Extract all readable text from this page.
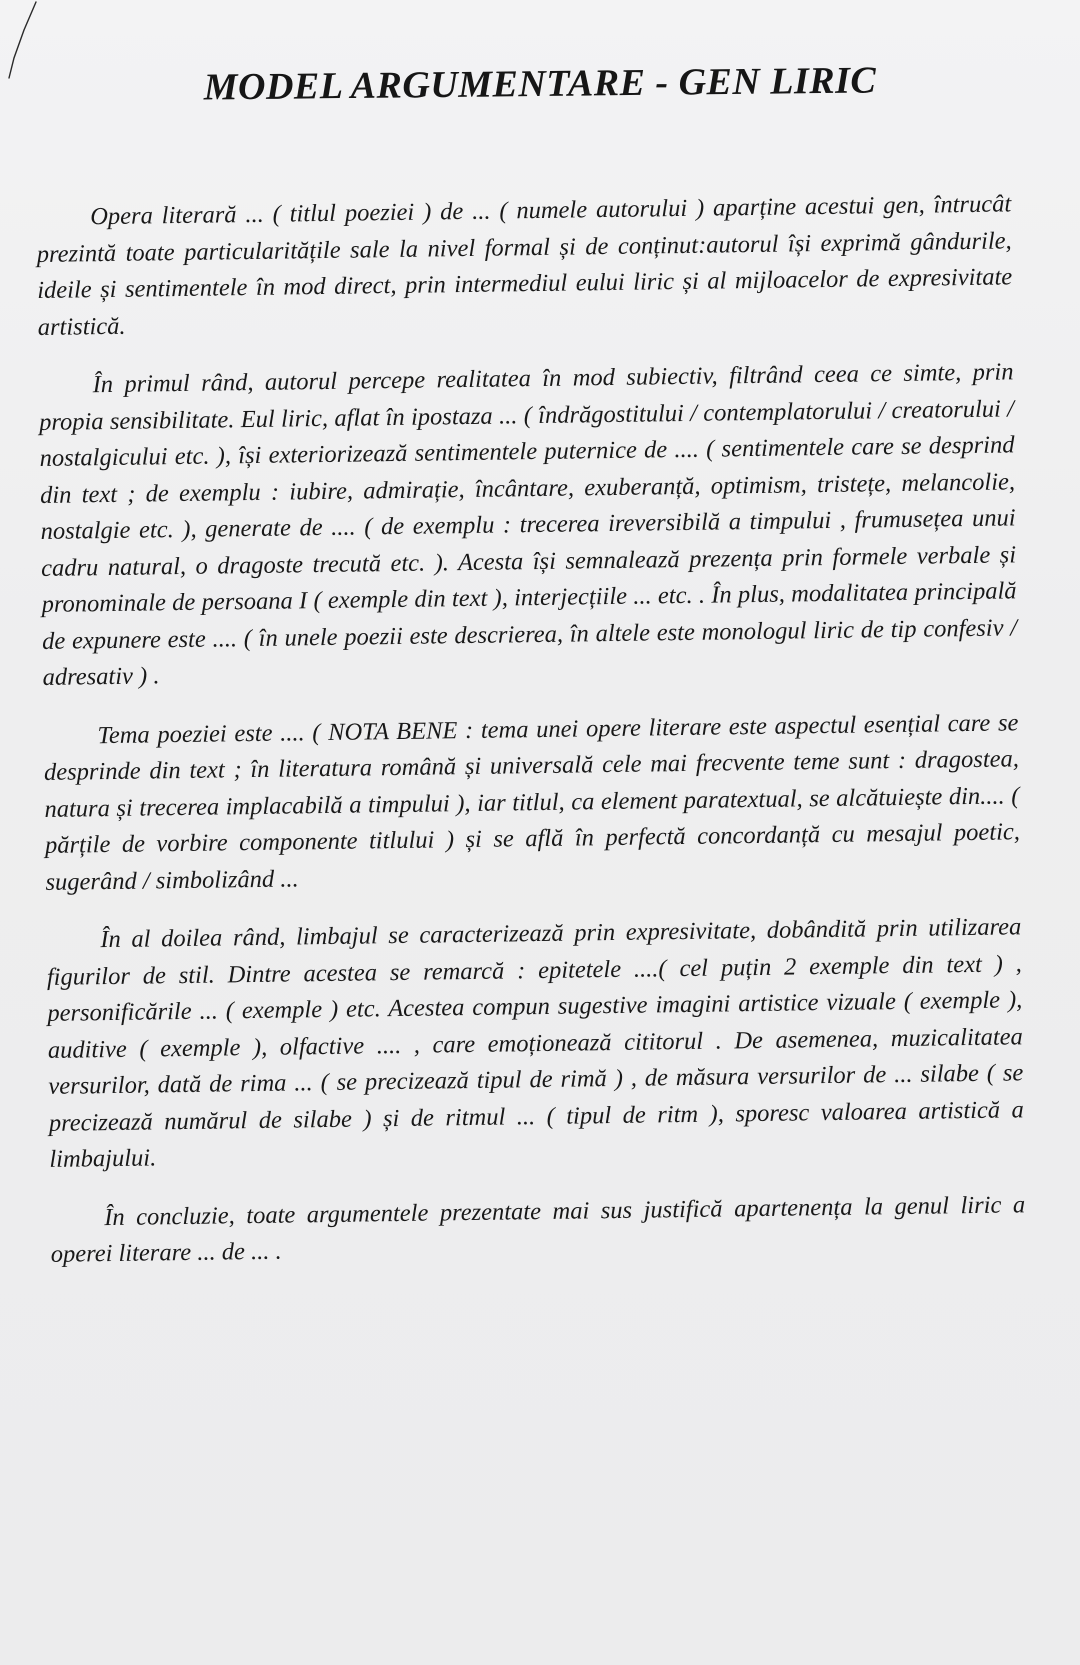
MODEL ARGUMENTARE - GEN LIRIC

Opera literară ... ( titlul poeziei ) de ... ( numele autorului ) aparține acestui gen, întrucât prezintă toate particularitățile sale la nivel formal și de conținut:autorul își exprimă gândurile, ideile și sentimentele în mod direct, prin intermediul eului liric și al mijloacelor de expresivitate artistică.

În primul rând, autorul percepe realitatea în mod subiectiv, filtrând ceea ce simte, prin propia sensibilitate. Eul liric, aflat în ipostaza ... ( îndrăgostitului / contemplatorului / creatorului / nostalgicului etc. ), își exteriorizează sentimentele puternice de .... ( sentimentele care se desprind din text ; de exemplu : iubire, admirație, încântare, exuberanță, optimism, tristețe, melancolie, nostalgie etc. ), generate de .... ( de exemplu : trecerea ireversibilă a timpului , frumusețea unui cadru natural, o dragoste trecută etc. ). Acesta își semnalează prezența prin formele verbale și pronominale de persoana I ( exemple din text ), interjecțiile ... etc. . În plus, modalitatea principală de expunere este .... ( în unele poezii este descrierea, în altele este monologul liric de tip confesiv / adresativ ) .

Tema poeziei este .... ( NOTA BENE : tema unei opere literare este aspectul esențial care se desprinde din text ; în literatura română și universală cele mai frecvente teme sunt : dragostea, natura și trecerea implacabilă a timpului ), iar titlul, ca element paratextual, se alcătuiește din.... ( părțile de vorbire componente titlului ) și se află în perfectă concordanță cu mesajul poetic, sugerând / simbolizând ...

În al doilea rând, limbajul se caracterizează prin expresivitate, dobândită prin utilizarea figurilor de stil. Dintre acestea se remarcă : epitetele ....( cel puțin 2 exemple din text ) , personificările ... ( exemple ) etc. Acestea compun sugestive imagini artistice vizuale ( exemple ), auditive ( exemple ), olfactive .... , care emoționează cititorul . De asemenea, muzicalitatea versurilor, dată de rima ... ( se precizează tipul de rimă ) , de măsura versurilor de ... silabe ( se precizează numărul de silabe ) și de ritmul ... ( tipul de ritm ), sporesc valoarea artistică a limbajului.

În concluzie, toate argumentele prezentate mai sus justifică apartenența la genul liric a operei literare ... de ... .
